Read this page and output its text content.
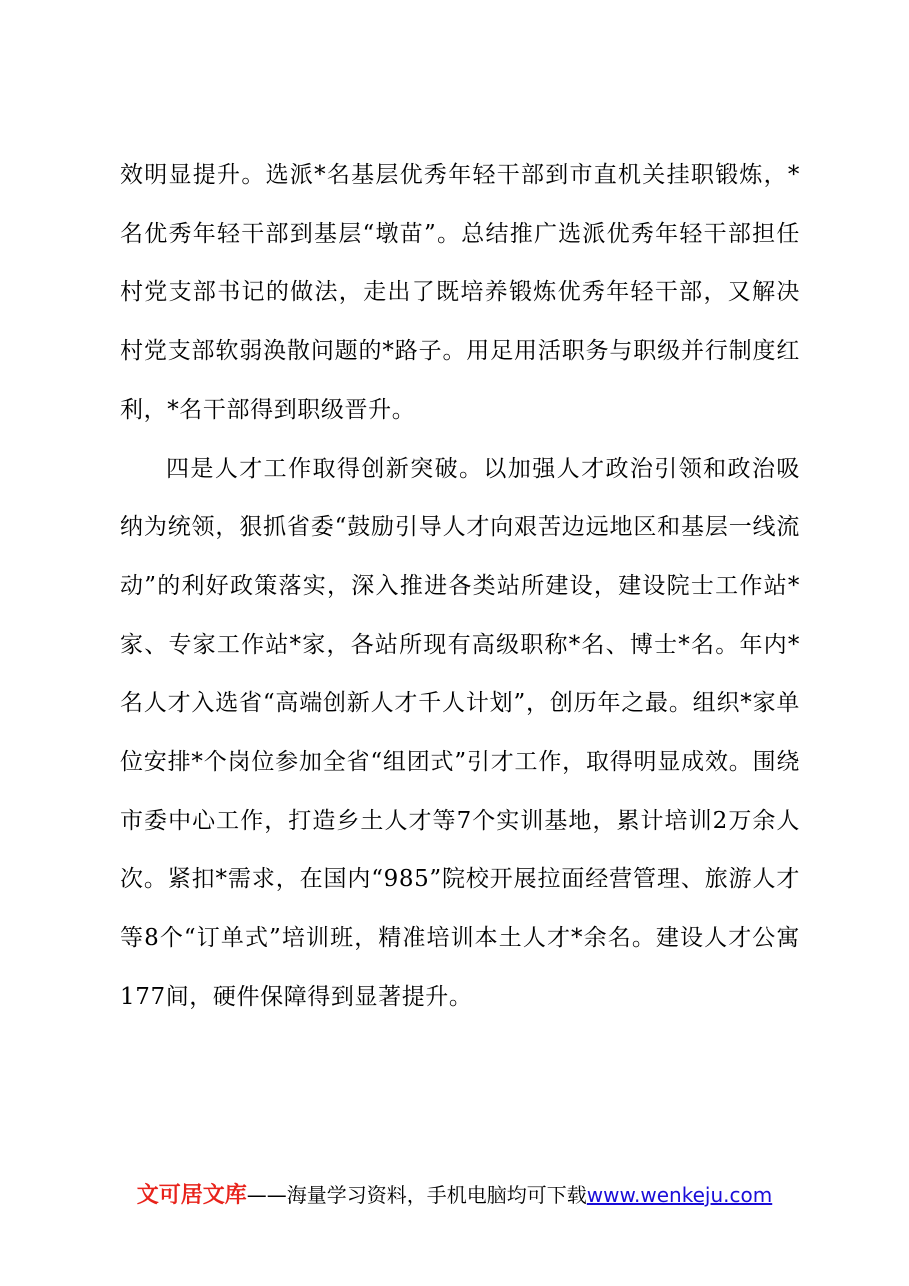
效明显提升。选派*名基层优秀年轻干部到市直机关挂职锻炼，*名优秀年轻干部到基层“墩苗”。总结推广选派优秀年轻干部担任村党支部书记的做法，走出了既培养锻炼优秀年轻干部，又解决村党支部软弱涣散问题的*路子。用足用活职务与职级并行制度红利，*名干部得到职级晋升。

四是人才工作取得创新突破。以加强人才政治引领和政治吸纳为统领，狠抓省委“鼓励引导人才向艰苦边远地区和基层一线流动”的利好政策落实，深入推进各类站所建设，建设院士工作站*家、专家工作站*家，各站所现有高级职称*名、博士*名。年内*名人才入选省“高端创新人才千人计划”，创历年之最。组织*家单位安排*个岗位参加全省“组团式”引才工作，取得明显成效。围绕市委中心工作，打造乡土人才等7个实训基地，累计培训2万余人次。紧扣*需求，在国内“985”院校开展拉面经营管理、旅游人才等8个“订单式”培训班，精准培训本土人才*余名。建设人才公寓177间，硬件保障得到显著提升。

文可居文库——海量学习资料，手机电脑均可下载www.wenkeju.com
